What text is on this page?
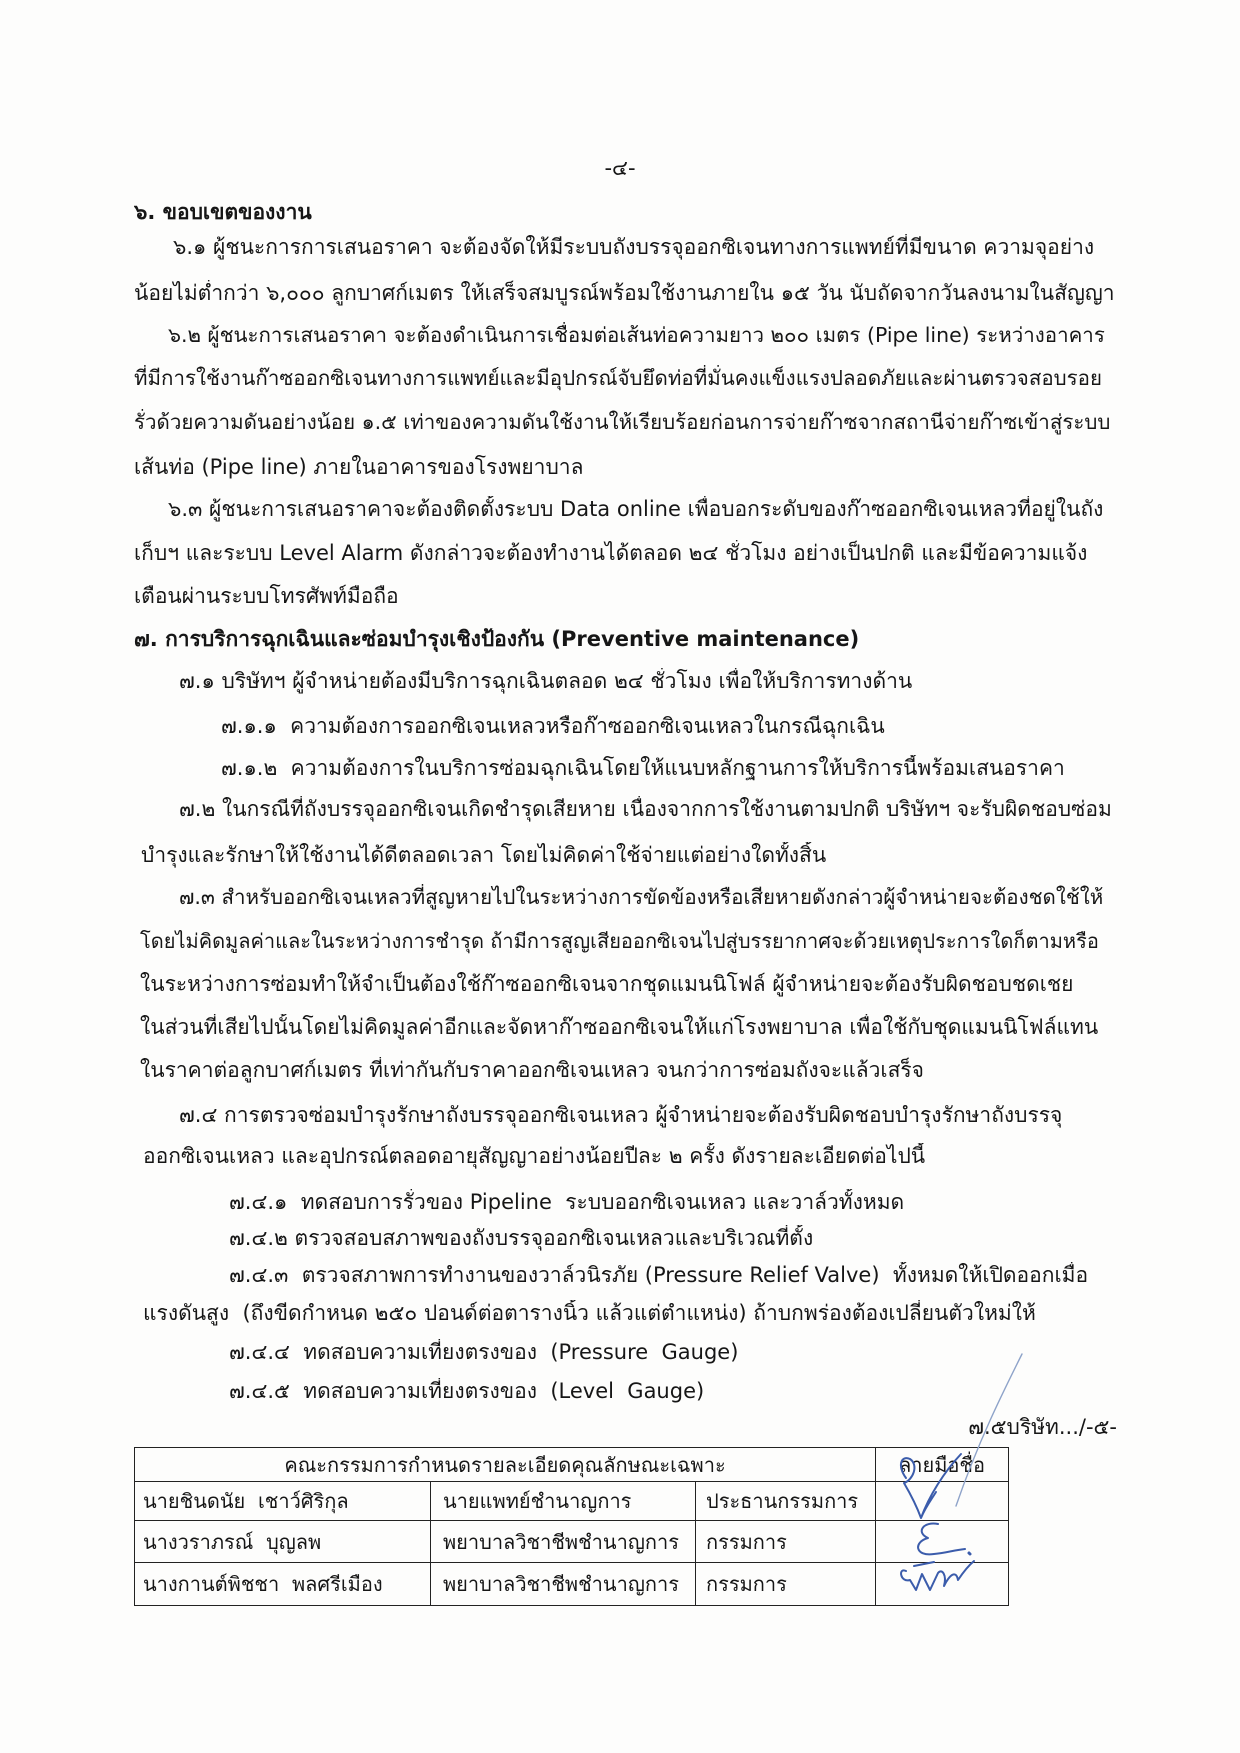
-๔-
๖. ขอบเขตของงาน
๖.๑ ผู้ชนะการการเสนอราคา จะต้องจัดให้มีระบบถังบรรจุออกซิเจนทางการแพทย์ที่มีขนาด ความจุอย่าง
น้อยไม่ต่ำกว่า ๖,๐๐๐ ลูกบาศก์เมตร ให้เสร็จสมบูรณ์พร้อมใช้งานภายใน ๑๕ วัน นับถัดจากวันลงนามในสัญญา
๖.๒ ผู้ชนะการเสนอราคา จะต้องดำเนินการเชื่อมต่อเส้นท่อความยาว ๒๐๐ เมตร (Pipe line) ระหว่างอาคาร
ที่มีการใช้งานก๊าซออกซิเจนทางการแพทย์และมีอุปกรณ์จับยึดท่อที่มั่นคงแข็งแรงปลอดภัยและผ่านตรวจสอบรอย
รั่วด้วยความดันอย่างน้อย ๑.๕ เท่าของความดันใช้งานให้เรียบร้อยก่อนการจ่ายก๊าซจากสถานีจ่ายก๊าซเข้าสู่ระบบ
เส้นท่อ (Pipe line) ภายในอาคารของโรงพยาบาล
๖.๓ ผู้ชนะการเสนอราคาจะต้องติดตั้งระบบ Data online เพื่อบอกระดับของก๊าซออกซิเจนเหลวที่อยู่ในถัง
เก็บฯ และระบบ Level Alarm ดังกล่าวจะต้องทำงานได้ตลอด ๒๔ ชั่วโมง อย่างเป็นปกติ และมีข้อความแจ้ง
เตือนผ่านระบบโทรศัพท์มือถือ
๗. การบริการฉุกเฉินและซ่อมบำรุงเชิงป้องกัน (Preventive maintenance)
๗.๑ บริษัทฯ ผู้จำหน่ายต้องมีบริการฉุกเฉินตลอด ๒๔ ชั่วโมง เพื่อให้บริการทางด้าน
๗.๑.๑  ความต้องการออกซิเจนเหลวหรือก๊าซออกซิเจนเหลวในกรณีฉุกเฉิน
๗.๑.๒  ความต้องการในบริการซ่อมฉุกเฉินโดยให้แนบหลักฐานการให้บริการนี้พร้อมเสนอราคา
๗.๒ ในกรณีที่ถังบรรจุออกซิเจนเกิดชำรุดเสียหาย เนื่องจากการใช้งานตามปกติ บริษัทฯ จะรับผิดชอบซ่อม
บำรุงและรักษาให้ใช้งานได้ดีตลอดเวลา โดยไม่คิดค่าใช้จ่ายแต่อย่างใดทั้งสิ้น
๗.๓ สำหรับออกซิเจนเหลวที่สูญหายไปในระหว่างการขัดข้องหรือเสียหายดังกล่าวผู้จำหน่ายจะต้องชดใช้ให้
โดยไม่คิดมูลค่าและในระหว่างการชำรุด ถ้ามีการสูญเสียออกซิเจนไปสู่บรรยากาศจะด้วยเหตุประการใดก็ตามหรือ
ในระหว่างการซ่อมทำให้จำเป็นต้องใช้ก๊าซออกซิเจนจากชุดแมนนิโฟล์ ผู้จำหน่ายจะต้องรับผิดชอบชดเชย
ในส่วนที่เสียไปนั้นโดยไม่คิดมูลค่าอีกและจัดหาก๊าซออกซิเจนให้แก่โรงพยาบาล เพื่อใช้กับชุดแมนนิโฟล์แทน
ในราคาต่อลูกบาศก์เมตร ที่เท่ากันกับราคาออกซิเจนเหลว จนกว่าการซ่อมถังจะแล้วเสร็จ
๗.๔ การตรวจซ่อมบำรุงรักษาถังบรรจุออกซิเจนเหลว ผู้จำหน่ายจะต้องรับผิดชอบบำรุงรักษาถังบรรจุ
ออกซิเจนเหลว และอุปกรณ์ตลอดอายุสัญญาอย่างน้อยปีละ ๒ ครั้ง ดังรายละเอียดต่อไปนี้
๗.๔.๑  ทดสอบการรั่วของ Pipeline  ระบบออกซิเจนเหลว และวาล์วทั้งหมด
๗.๔.๒ ตรวจสอบสภาพของถังบรรจุออกซิเจนเหลวและบริเวณที่ตั้ง
๗.๔.๓  ตรวจสภาพการทำงานของวาล์วนิรภัย (Pressure Relief Valve)  ทั้งหมดให้เปิดออกเมื่อ
แรงดันสูง  (ถึงขีดกำหนด ๒๕๐ ปอนด์ต่อตารางนิ้ว แล้วแต่ตำแหน่ง) ถ้าบกพร่องต้องเปลี่ยนตัวใหม่ให้
๗.๔.๔  ทดสอบความเที่ยงตรงของ  (Pressure  Gauge)
๗.๔.๕  ทดสอบความเที่ยงตรงของ  (Level  Gauge)
๗.๕บริษัท.../-๕-
คณะกรรมการกำหนดรายละเอียดคุณลักษณะเฉพาะ			ลายมือชื่อ
นายชินดนัย  เชาว์ศิริกุล	นายแพทย์ชำนาญการ	ประธานกรรมการ	
นางวราภรณ์  บุญลพ	พยาบาลวิชาชีพชำนาญการ	กรรมการ	
นางกานต์พิชชา  พลศรีเมือง	พยาบาลวิชาชีพชำนาญการ	กรรมการ	
